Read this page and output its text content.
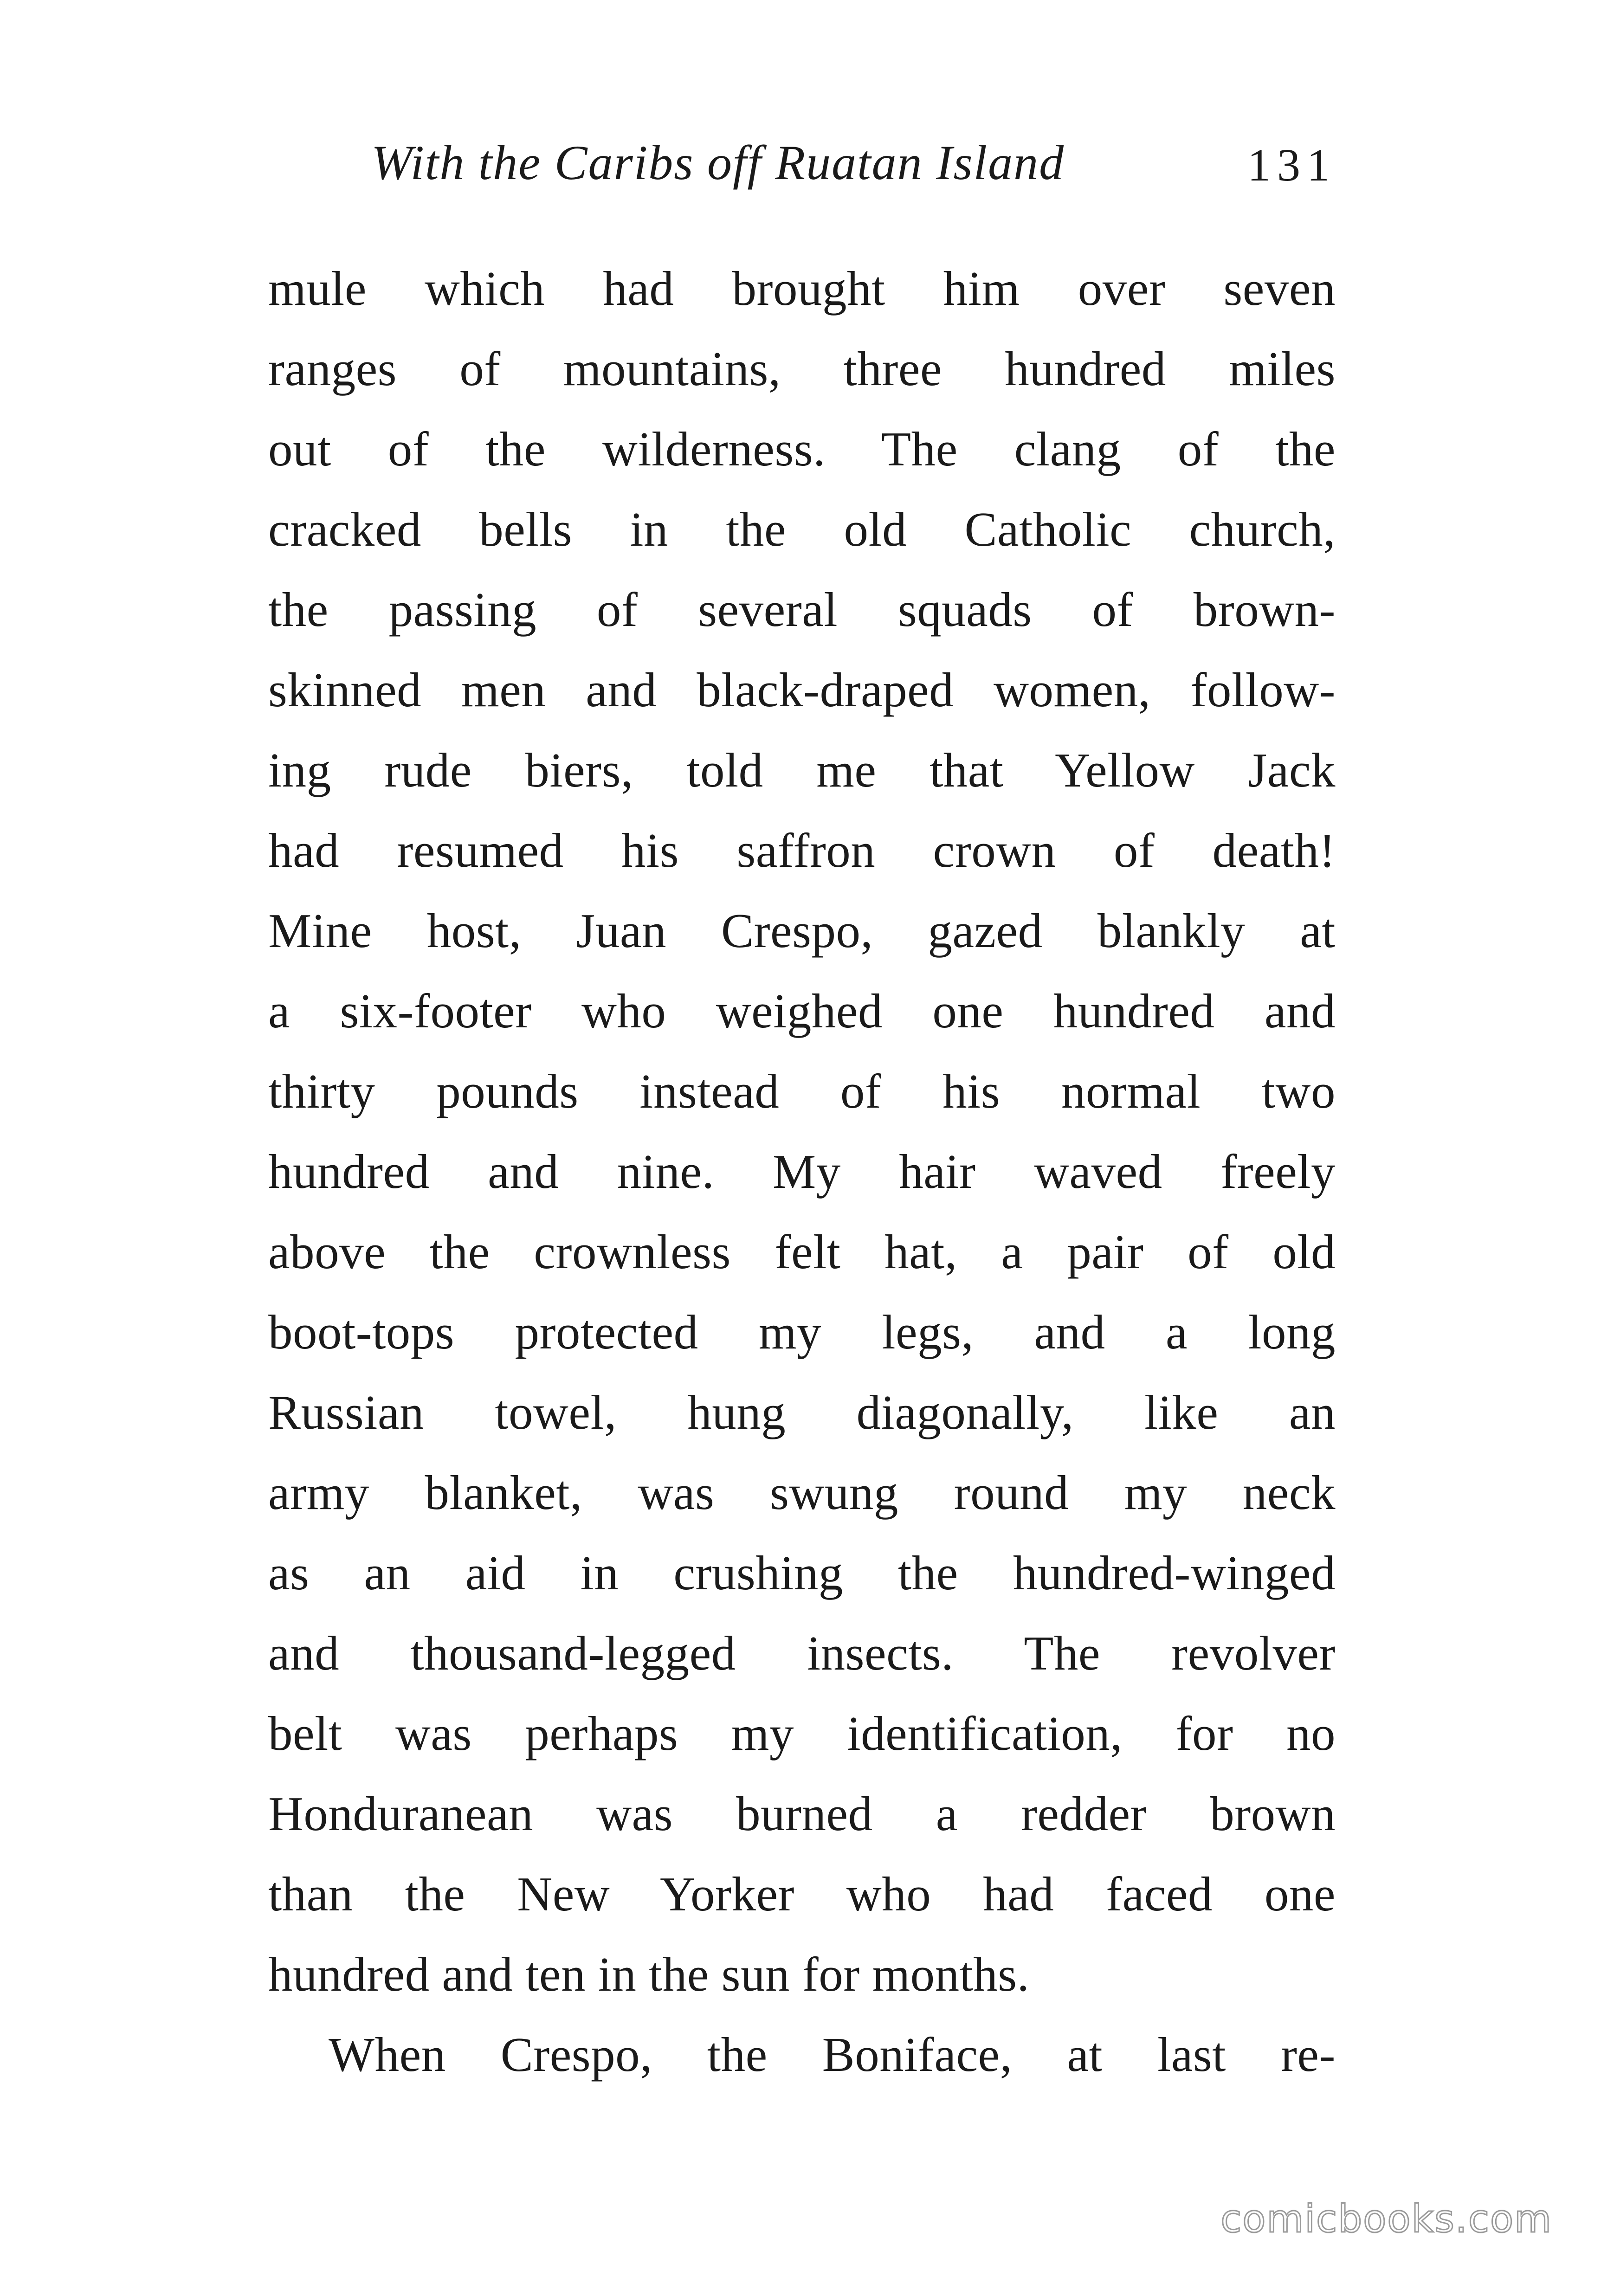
With the Caribs off Ruatan Island	131
mule which had brought him over seven
ranges of mountains, three hundred miles
out of the wilderness. The clang of the
cracked bells in the old Catholic church,
the passing of several squads of brown-
skinned men and black-draped women, follow-
ing rude biers, told me that Yellow Jack
had resumed his saffron crown of death!
Mine host, Juan Crespo, gazed blankly at
a six-footer who weighed one hundred and
thirty pounds instead of his normal two
hundred and nine. My hair waved freely
above the crownless felt hat, a pair of old
boot-tops protected my legs, and a long
Russian towel, hung diagonally, like an
army blanket, was swung round my neck
as an aid in crushing the hundred-winged
and thousand-legged insects. The revolver
belt was perhaps my identification, for no
Honduranean was burned a redder brown
than the New Yorker who had faced one
hundred and ten in the sun for months.
When Crespo, the Boniface, at last re-
comicbooks.com
